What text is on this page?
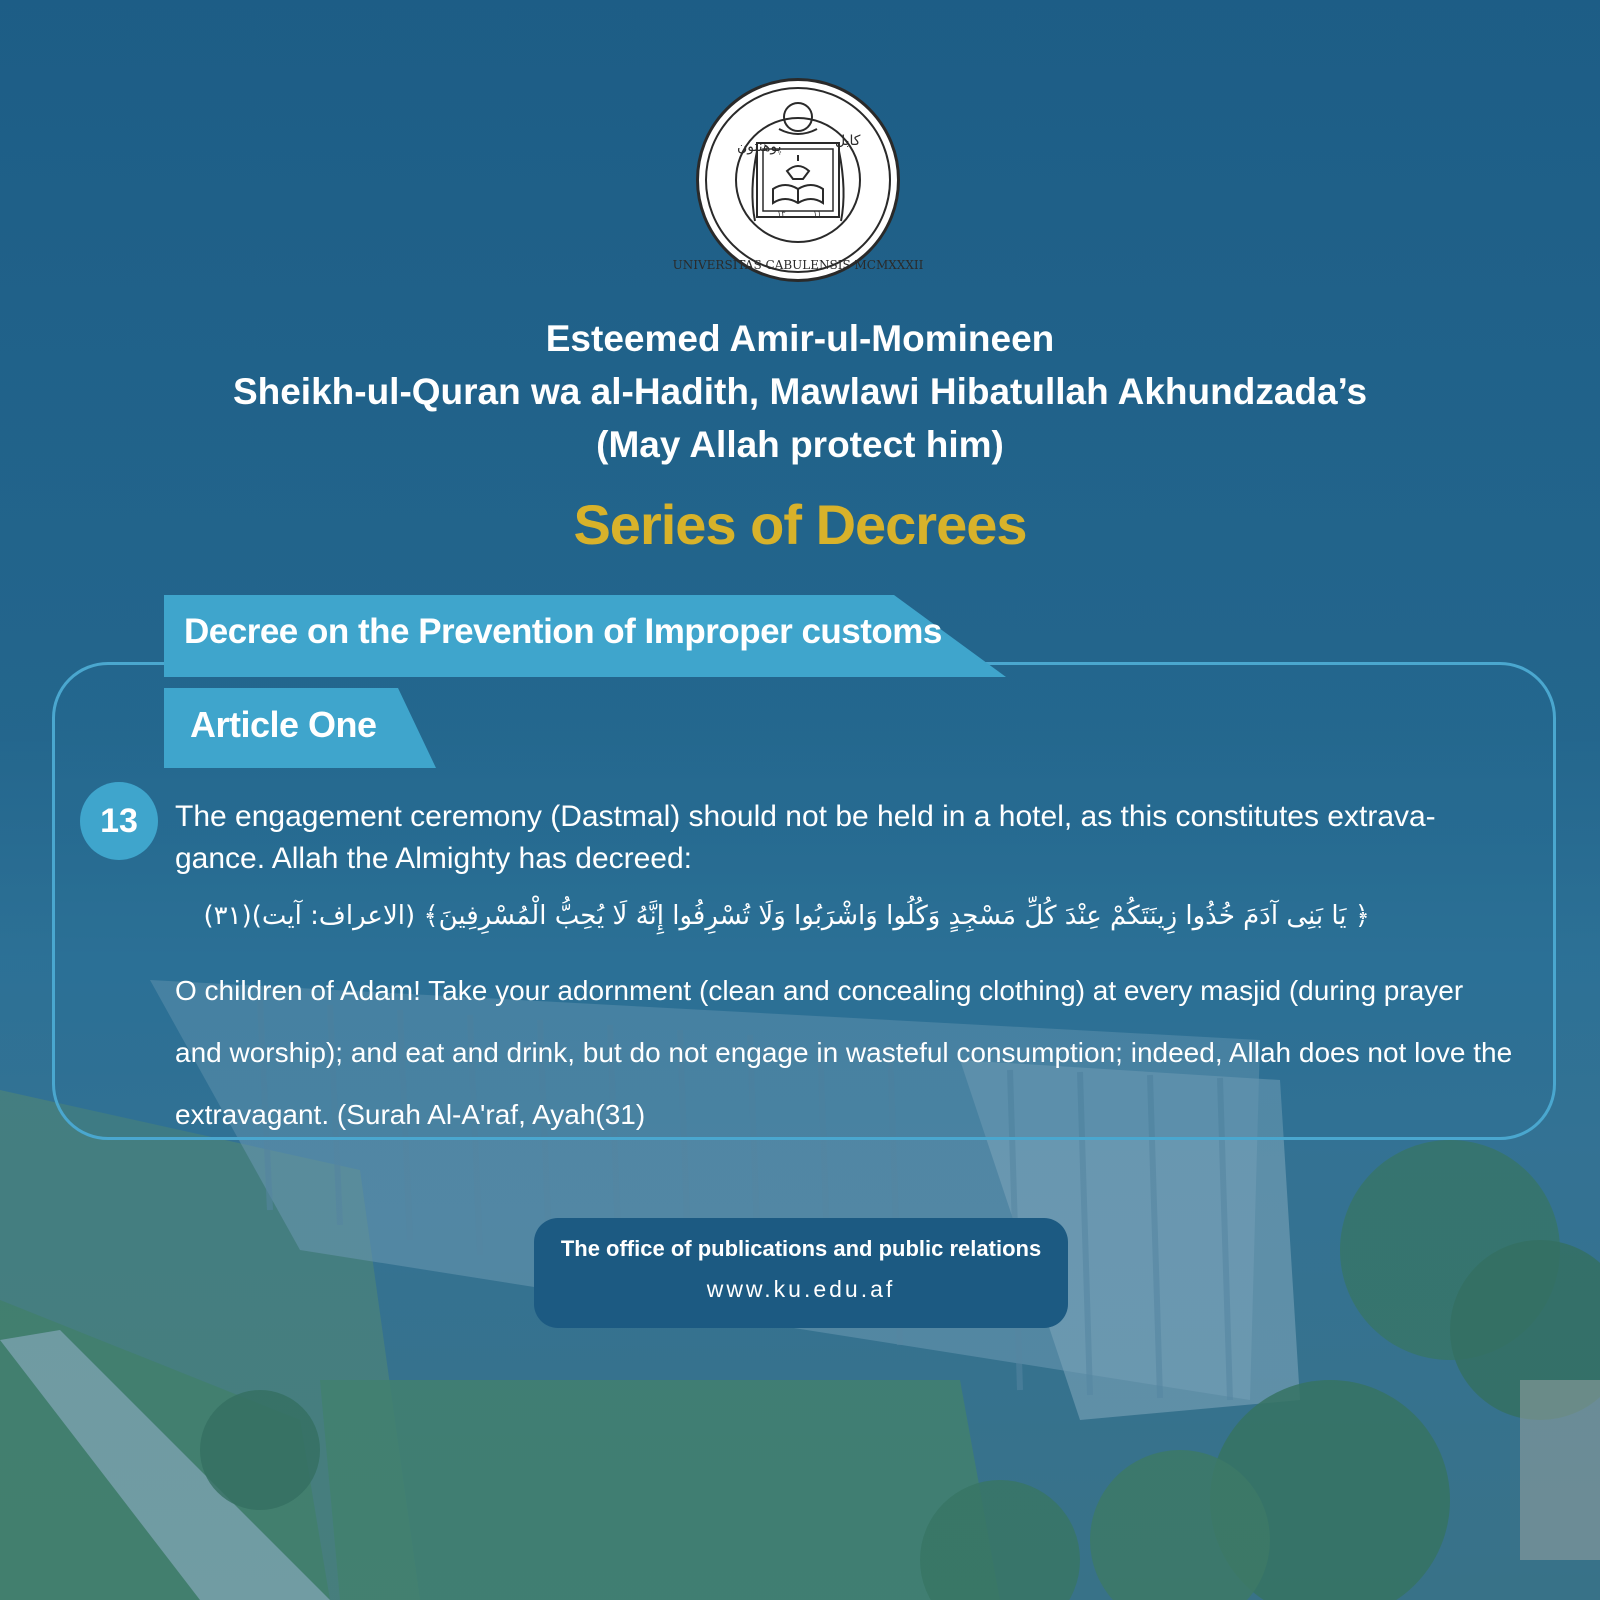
UNIVERSITAS CABULENSIS MCMXXXII
پوهنتون	کابل
۱۳	۱۱
Esteemed Amir-ul-Momineen
Sheikh-ul-Quran wa al-Hadith, Mawlawi Hibatullah Akhundzada’s
(May Allah protect him)
Series of Decrees
Decree on the Prevention of Improper customs
Article One
13	The engagement ceremony (Dastmal) should not be held in a hotel, as this constitutes extrava-gance. Allah the Almighty has decreed:
﴿ يَا بَنِى آدَمَ خُذُوا زِينَتَكُمْ عِنْدَ كُلِّ مَسْجِدٍ وَكُلُوا وَاشْرَبُوا وَلَا تُسْرِفُوا إِنَّهُ لَا يُحِبُّ الْمُسْرِفِينَ﴾ (الاعراف: آیت)(۳۱)
O children of Adam! Take your adornment (clean and concealing clothing) at every masjid (during prayer and worship); and eat and drink, but do not engage in wasteful consumption; indeed, Allah does not love the extravagant. (Surah Al-A'raf, Ayah(31)
The office of publications and public relations
www.ku.edu.af
